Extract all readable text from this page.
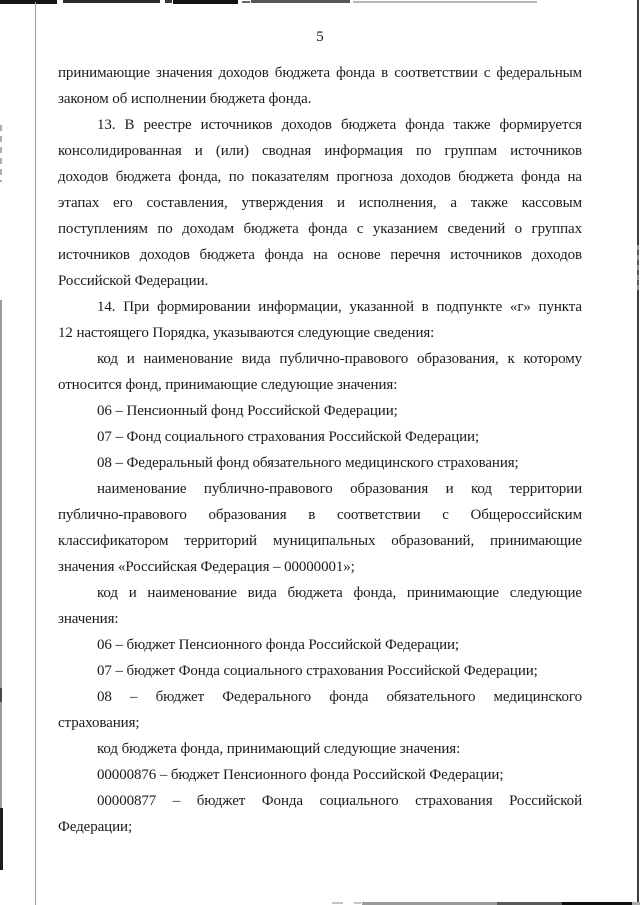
5
принимающие значения доходов бюджета фонда в соответствии с федеральным
законом об исполнении бюджета фонда.
13. В реестре источников доходов бюджета фонда также формируется
консолидированная и (или) сводная информация по группам источников
доходов бюджета фонда, по показателям прогноза доходов бюджета фонда на
этапах его составления, утверждения и исполнения, а также кассовым
поступлениям по доходам бюджета фонда с указанием сведений о группах
источников доходов бюджета фонда на основе перечня источников доходов
Российской Федерации.
14. При формировании информации, указанной в подпункте «г» пункта
12 настоящего Порядка, указываются следующие сведения:
код и наименование вида публично-правового образования, к которому
относится фонд, принимающие следующие значения:
06 – Пенсионный фонд Российской Федерации;
07 – Фонд социального страхования Российской Федерации;
08 – Федеральный фонд обязательного медицинского страхования;
наименование публично-правового образования и код территории
публично-правового образования в соответствии с Общероссийским
классификатором территорий муниципальных образований, принимающие
значения «Российская Федерация – 00000001»;
код и наименование вида бюджета фонда, принимающие следующие
значения:
06 – бюджет Пенсионного фонда Российской Федерации;
07 – бюджет Фонда социального страхования Российской Федерации;
08 – бюджет Федерального фонда обязательного медицинского
страхования;
код бюджета фонда, принимающий следующие значения:
00000876 – бюджет Пенсионного фонда Российской Федерации;
00000877 – бюджет Фонда социального страхования Российской
Федерации;
